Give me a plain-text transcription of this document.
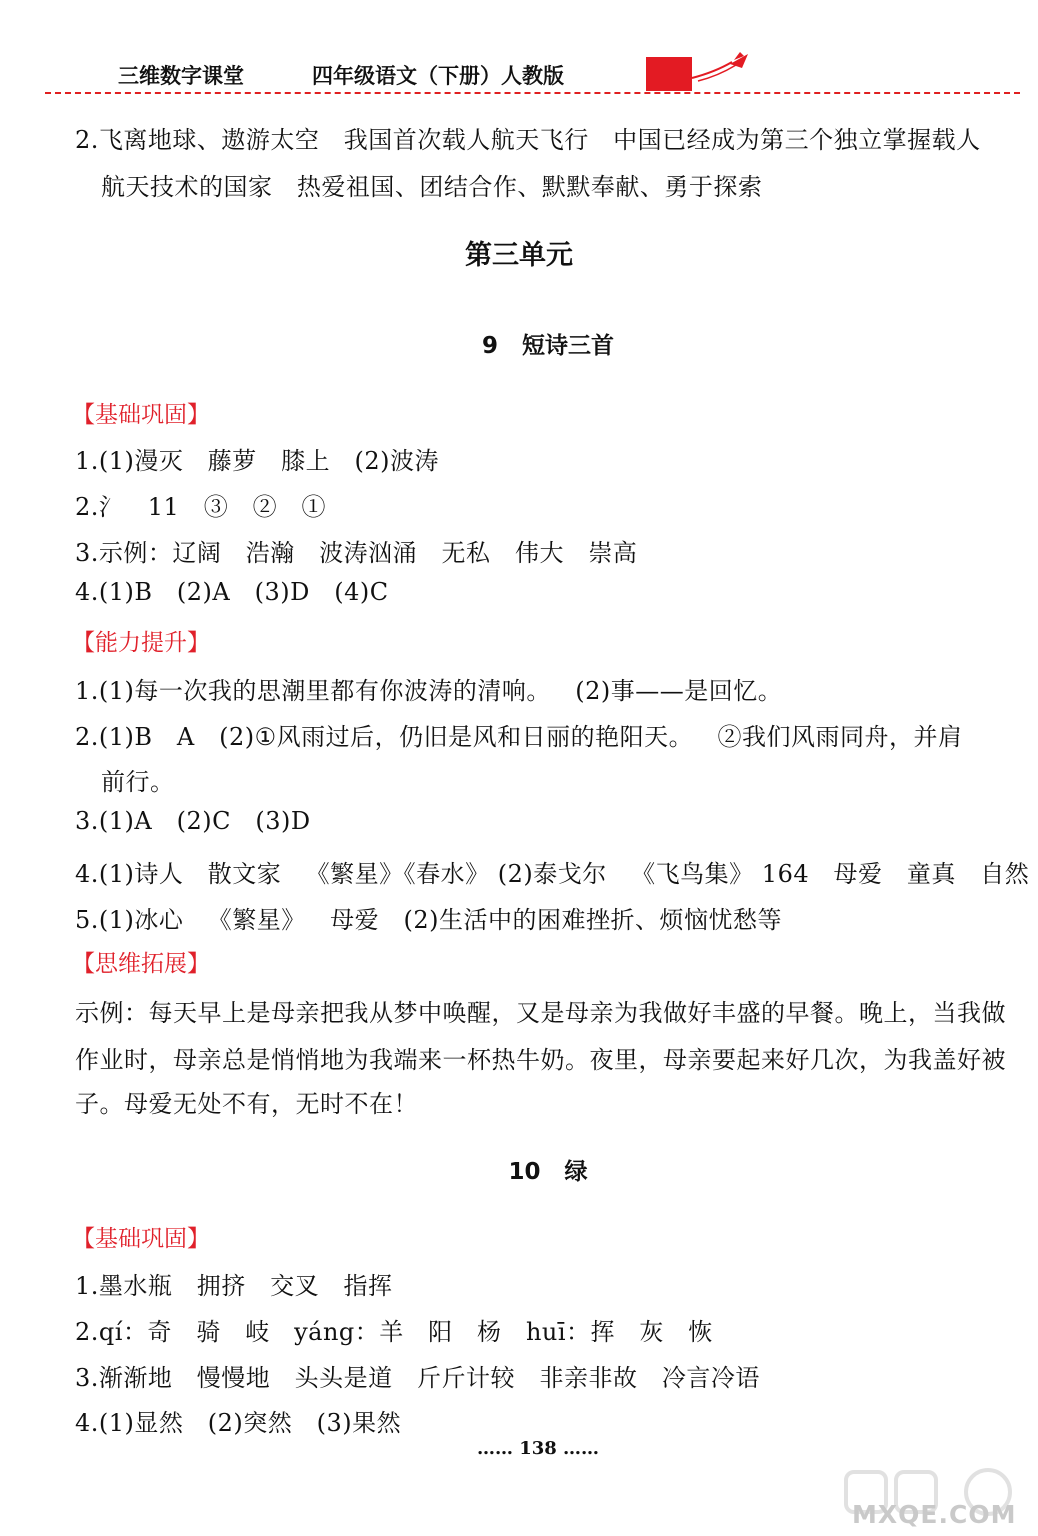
三维数字课堂	四年级语文（下册）人教版
2.飞离地球、遨游太空   我国首次载人航天飞行   中国已经成为第三个独立掌握载人
航天技术的国家   热爱祖国、团结合作、默默奉献、勇于探索
第三单元
9   短诗三首
【基础巩固】
1.(1)漫灭   藤萝   膝上   (2)波涛
2.氵   11   ③   ②   ①
3.示例：辽阔   浩瀚   波涛汹涌   无私   伟大   崇高
4.(1)B   (2)A   (3)D   (4)C
【能力提升】
1.(1)每一次我的思潮里都有你波涛的清响。   (2)事——是回忆。
2.(1)B   A   (2)①风雨过后，仍旧是风和日丽的艳阳天。   ②我们风雨同舟，并肩
前行。
3.(1)A   (2)C   (3)D
4.(1)诗人   散文家   《繁星》《春水》 (2)泰戈尔   《飞鸟集》 164   母爱   童真   自然
5.(1)冰心   《繁星》   母爱   (2)生活中的困难挫折、烦恼忧愁等
【思维拓展】
示例：每天早上是母亲把我从梦中唤醒，又是母亲为我做好丰盛的早餐。晚上，当我做
作业时，母亲总是悄悄地为我端来一杯热牛奶。夜里，母亲要起来好几次，为我盖好被
子。母爱无处不有，无时不在！
10   绿
【基础巩固】
1.墨水瓶   拥挤   交叉   指挥
2.qí：奇   骑   岐   yáng：羊   阳   杨   huī：挥   灰   恢
3.渐渐地   慢慢地   头头是道   斤斤计较   非亲非故   冷言冷语
4.(1)显然   (2)突然   (3)果然
…… 138 ……
MXQE.COM
